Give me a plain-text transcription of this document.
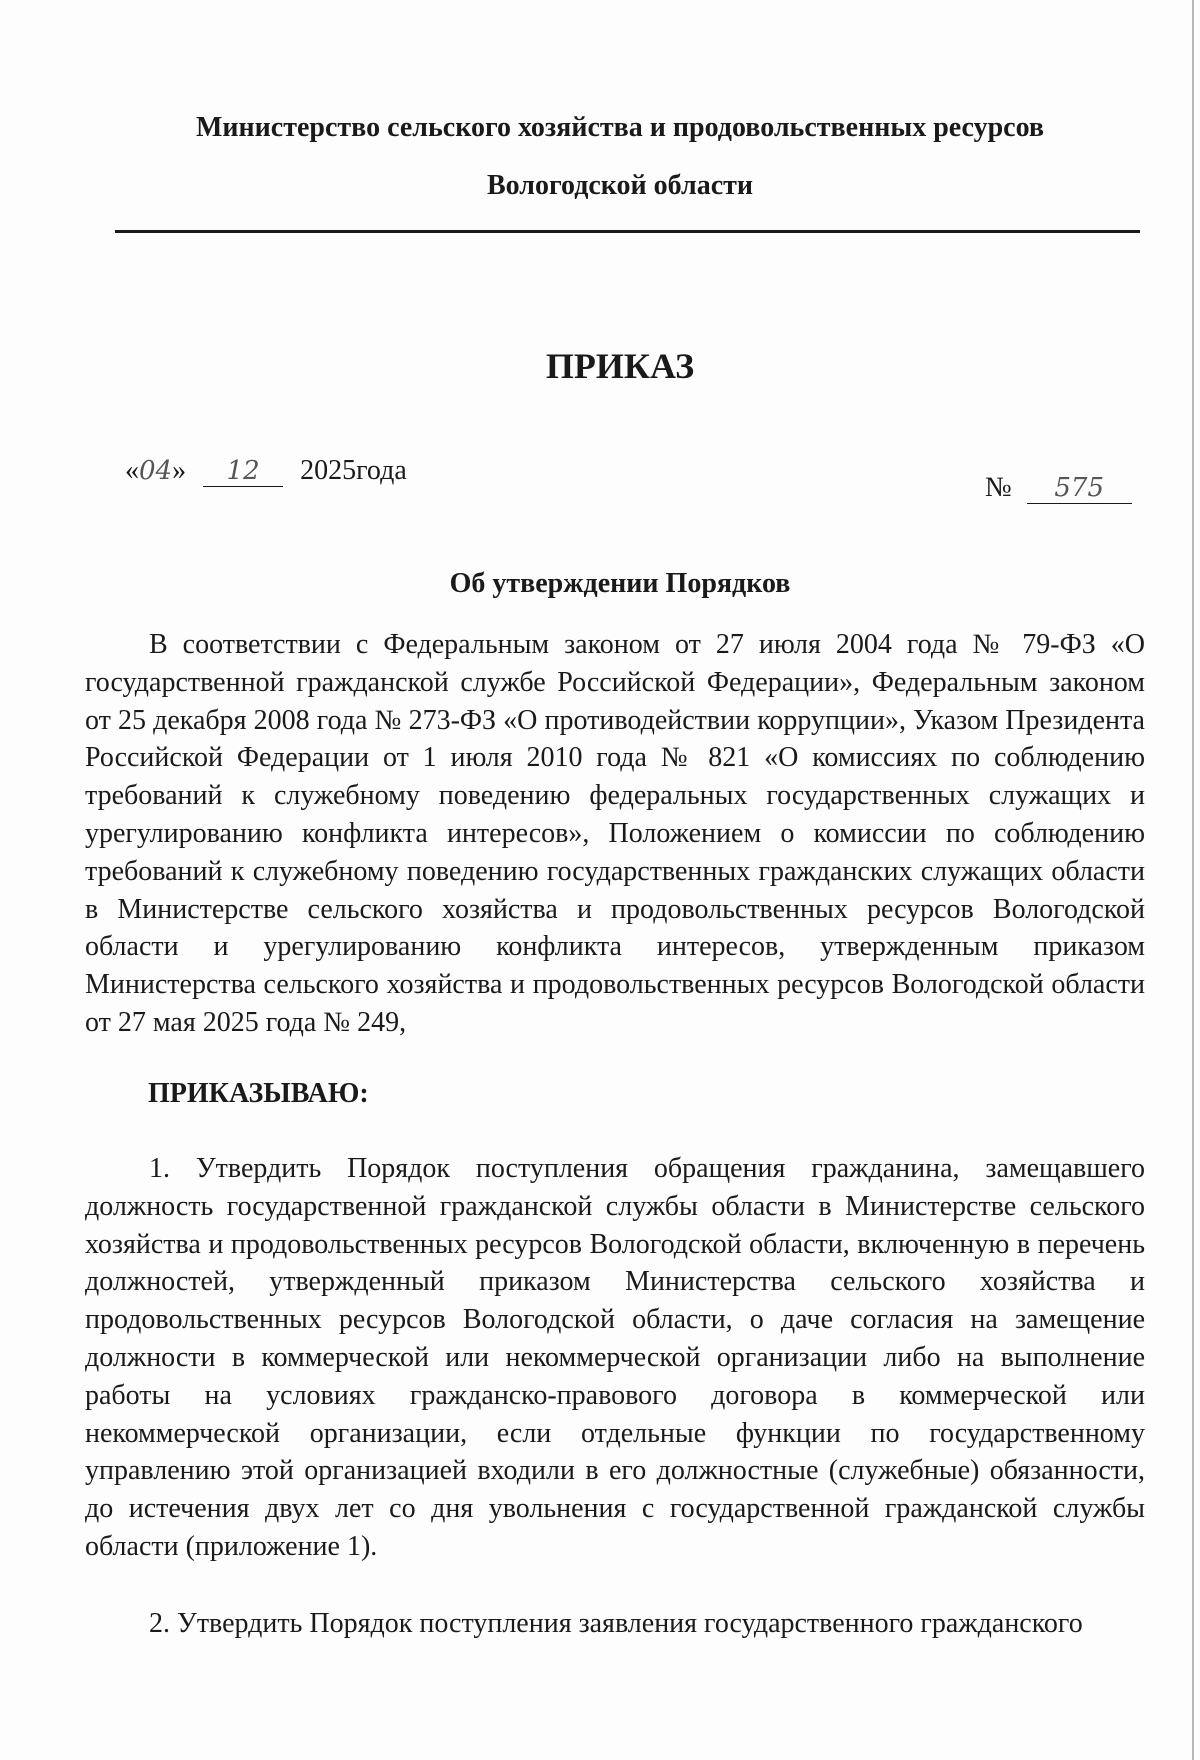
Министерство сельского хозяйства и продовольственных ресурсов
Вологодской области
ПРИКАЗ
«04» 12 2025года
№ 575
Об утверждении Порядков

В соответствии с Федеральным законом от 27 июля 2004 года № 79-ФЗ «О государственной гражданской службе Российской Федерации», Федеральным законом от 25 декабря 2008 года № 273-ФЗ «О противодействии коррупции», Указом Президента Российской Федерации от 1 июля 2010 года № 821 «О комиссиях по соблюдению требований к служебному поведению федеральных государственных служащих и урегулированию конфликта интересов», Положением о комиссии по соблюдению требований к служебному поведению государственных гражданских служащих области в Министерстве сельского хозяйства и продовольственных ресурсов Вологодской области и урегулированию конфликта интересов, утвержденным приказом Министерства сельского хозяйства и продовольственных ресурсов Вологодской области от 27 мая 2025 года № 249,

ПРИКАЗЫВАЮ:

1. Утвердить Порядок поступления обращения гражданина, замещавшего должность государственной гражданской службы области в Министерстве сельского хозяйства и продовольственных ресурсов Вологодской области, включенную в перечень должностей, утвержденный приказом Министерства сельского хозяйства и продовольственных ресурсов Вологодской области, о даче согласия на замещение должности в коммерческой или некоммерческой организации либо на выполнение работы на условиях гражданско-правового договора в коммерческой или некоммерческой организации, если отдельные функции по государственному управлению этой организацией входили в его должностные (служебные) обязанности, до истечения двух лет со дня увольнения с государственной гражданской службы области (приложение 1).

2. Утвердить Порядок поступления заявления государственного гражданского
